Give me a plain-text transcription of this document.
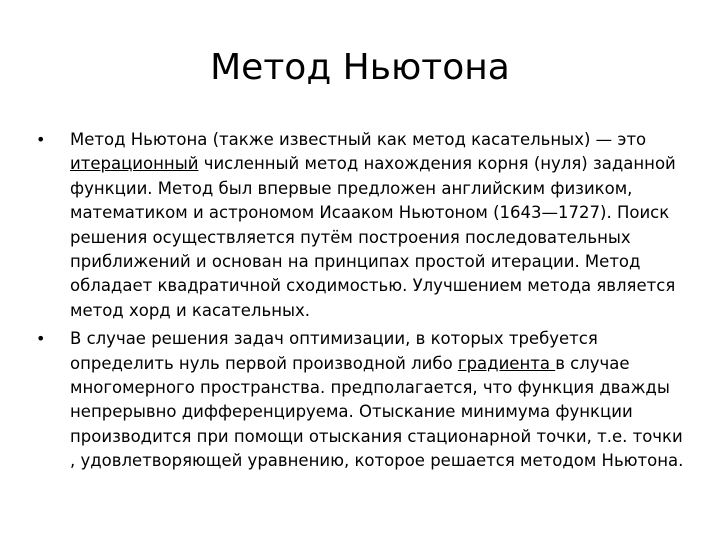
Метод Ньютона
•	Метод Ньютона (также известный как метод касательных) — это итерационный численный метод нахождения корня (нуля) заданной функции. Метод был впервые предложен английским физиком, математиком и астрономом Исааком Ньютоном (1643—1727). Поиск решения осуществляется путём построения последовательных приближений и основан на принципах простой итерации. Метод обладает квадратичной сходимостью. Улучшением метода является метод хорд и касательных.
•	В случае решения задач оптимизации, в которых требуется определить нуль первой производной либо градиента в случае многомерного пространства. предполагается, что функция дважды непрерывно дифференцируема. Отыскание минимума функции производится при помощи отыскания стационарной точки, т.е. точки , удовлетворяющей уравнению, которое решается методом Ньютона.
